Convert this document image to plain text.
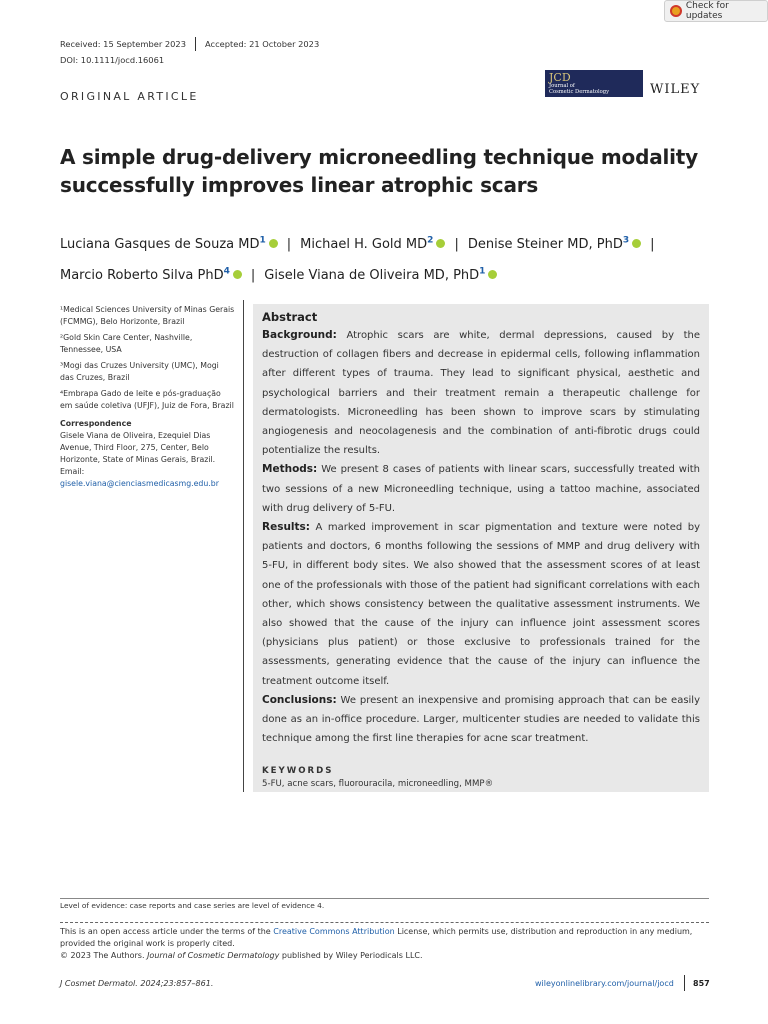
Check for updates
Received: 15 September 2023 Accepted: 21 October 2023
DOI: 10.1111/jocd.16061
ORIGINAL ARTICLE
JCD
Journal of
Cosmetic Dermatology	WILEY
A simple drug-delivery microneedling technique modality
successfully improves linear atrophic scars
Luciana Gasques de Souza $MD^1$ | Michael H. Gold $MD^2$ | Denise Steiner MD, PhD$^3$ |
Marcio Roberto Silva PhD$^4$ | Gisele Viana de Oliveira MD, PhD$^1$

¹Medical Sciences University of Minas Gerais (FCMMG), Belo Horizonte, Brazil

²Gold Skin Care Center, Nashville, Tennessee, USA

³Mogi das Cruzes University (UMC), Mogi das Cruzes, Brazil

⁴Embrapa Gado de leite e pós-graduação em saúde coletiva (UFJF), Juiz de Fora, Brazil

Correspondence

Gisele Viana de Oliveira, Ezequiel Dias Avenue, Third Floor, 275, Center, Belo Horizonte, State of Minas Gerais, Brazil.
Email: gisele.viana@cienciasmedicasmg.edu.br

Abstract

Background: Atrophic scars are white, dermal depressions, caused by the destruction of collagen fibers and decrease in epidermal cells, following inflammation after different types of trauma. They lead to significant physical, aesthetic and psychological barriers and their treatment remain a therapeutic challenge for dermatologists. Microneedling has been shown to improve scars by stimulating angiogenesis and neocolagenesis and the combination of anti-fibrotic drugs could potentialize the results.

Methods: We present 8 cases of patients with linear scars, successfully treated with two sessions of a new Microneedling technique, using a tattoo machine, associated with drug delivery of 5-FU.

Results: A marked improvement in scar pigmentation and texture were noted by patients and doctors, 6 months following the sessions of MMP and drug delivery with 5-FU, in different body sites. We also showed that the assessment scores of at least one of the professionals with those of the patient had significant correlations with each other, which shows consistency between the qualitative assessment instruments. We also showed that the cause of the injury can influence joint assessment scores (physicians plus patient) or those exclusive to professionals trained for the assessments, generating evidence that the cause of the injury can influence the treatment outcome itself.

Conclusions: We present an inexpensive and promising approach that can be easily done as an in-office procedure. Larger, multicenter studies are needed to validate this technique among the first line therapies for acne scar treatment.

KEYWORDS
5-FU, acne scars, fluorouracila, microneedling, MMP®
Level of evidence: case reports and case series are level of evidence 4.
This is an open access article under the terms of the Creative Commons Attribution License, which permits use, distribution and reproduction in any medium, provided the original work is properly cited.
© 2023 The Authors. Journal of Cosmetic Dermatology published by Wiley Periodicals LLC.
J Cosmet Dermatol. 2024;23:857–861.	wileyonlinelibrary.com/journal/jocd 857
